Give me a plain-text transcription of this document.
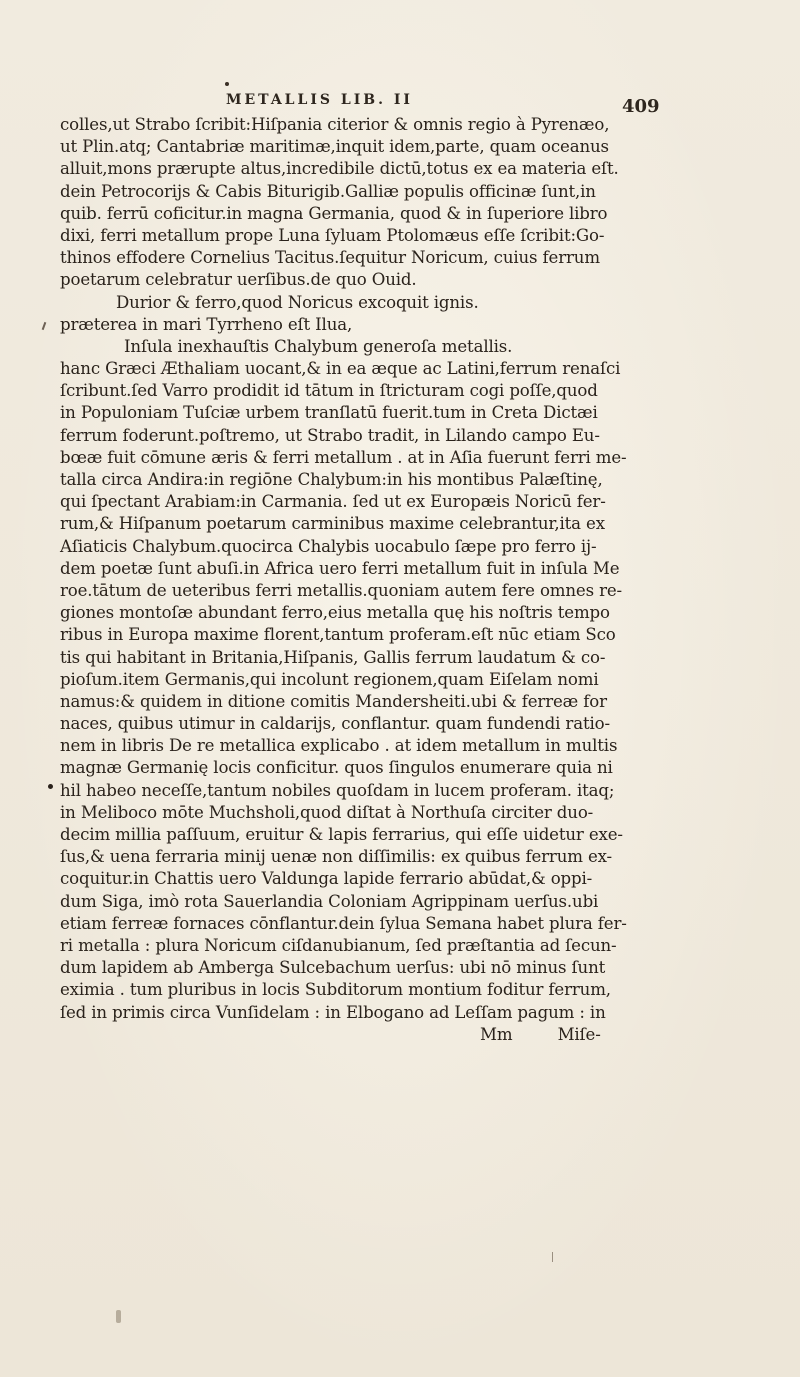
METALLIS LIB. II	409
colles,ut Strabo ſcribit:Hiſpania citerior & omnis regio à Pyrenæo,
ut Plin.atq; Cantabriæ maritimæ,inquit idem,parte, quam oceanus
alluit,mons prærupte altus,incredibile dictū,totus ex ea materia eſt.
dein Petrocorijs & Cabis Biturigib.Galliæ populis officinæ ſunt,in
quib. ferrū coficitur.in magna Germania, quod & in ſuperiore libro
dixi, ferri metallum prope Luna ſyluam Ptolomæus eſſe ſcribit:Go-
thinos effodere Cornelius Tacitus.ſequitur Noricum, cuius ferrum
poetarum celebratur uerſibus.de quo Ouid.
Durior & ferro,quod Noricus excoquit ignis.
præterea in mari Tyrrheno eſt Ilua,
Inſula inexhauſtis Chalybum generoſa metallis.
hanc Græci Æthaliam uocant,& in ea æque ac Latini,ferrum renaſci
ſcribunt.ſed Varro prodidit id tātum in ſtricturam cogi poſſe,quod
in Populoniam Tuſciæ urbem tranſlatū fuerit.tum in Creta Dictæi
ferrum foderunt.poſtremo, ut Strabo tradit, in Lilando campo Eu-
bœæ fuit cōmune æris & ferri metallum . at in Aſia fuerunt ferri me-
talla circa Andira:in regiōne Chalybum:in his montibus Palæſtinę,
qui ſpectant Arabiam:in Carmania. ſed ut ex Europæis Noricū fer-
rum,& Hiſpanum poetarum carminibus maxime celebrantur,ita ex
Aſiaticis Chalybum.quocirca Chalybis uocabulo ſæpe pro ferro ij-
dem poetæ ſunt abuſi.in Africa uero ferri metallum fuit in inſula Me
roe.tātum de ueteribus ferri metallis.quoniam autem fere omnes re-
giones montoſæ abundant ferro,eius metalla quę his noſtris tempo
ribus in Europa maxime florent,tantum proferam.eſt nūc etiam Sco
tis qui habitant in Britania,Hiſpanis, Gallis ferrum laudatum & co-
pioſum.item Germanis,qui incolunt regionem,quam Eiſelam nomi
namus:& quidem in ditione comitis Mandersheiti.ubi & ferreæ for
naces, quibus utimur in caldarijs, conflantur. quam fundendi ratio-
nem in libris De re metallica explicabo . at idem metallum in multis
magnæ Germanię locis conficitur. quos ſingulos enumerare quia ni
hil habeo neceſſe,tantum nobiles quoſdam in lucem proferam. itaq;
in Meliboco mōte Muchsholi,quod diſtat à Northuſa circiter duo-
decim millia paſſuum, eruitur & lapis ferrarius, qui eſſe uidetur exe-
ſus,& uena ferraria minij uenæ non diſſimilis: ex quibus ferrum ex-
coquitur.in Chattis uero Valdunga lapide ferrario abūdat,& oppi-
dum Siga, imò rota Sauerlandia Coloniam Agrippinam uerſus.ubi
etiam ferreæ fornaces cōnflantur.dein ſylua Semana habet plura fer-
ri metalla : plura Noricum ciſdanubianum, ſed præſtantia ad ſecun-
dum lapidem ab Amberga Sulcebachum uerſus: ubi nō minus ſunt
eximia . tum pluribus in locis Subditorum montium foditur ferrum,
ſed in primis circa Vunſidelam : in Elbogano ad Leſſam pagum : in
Mm	Miſe-
